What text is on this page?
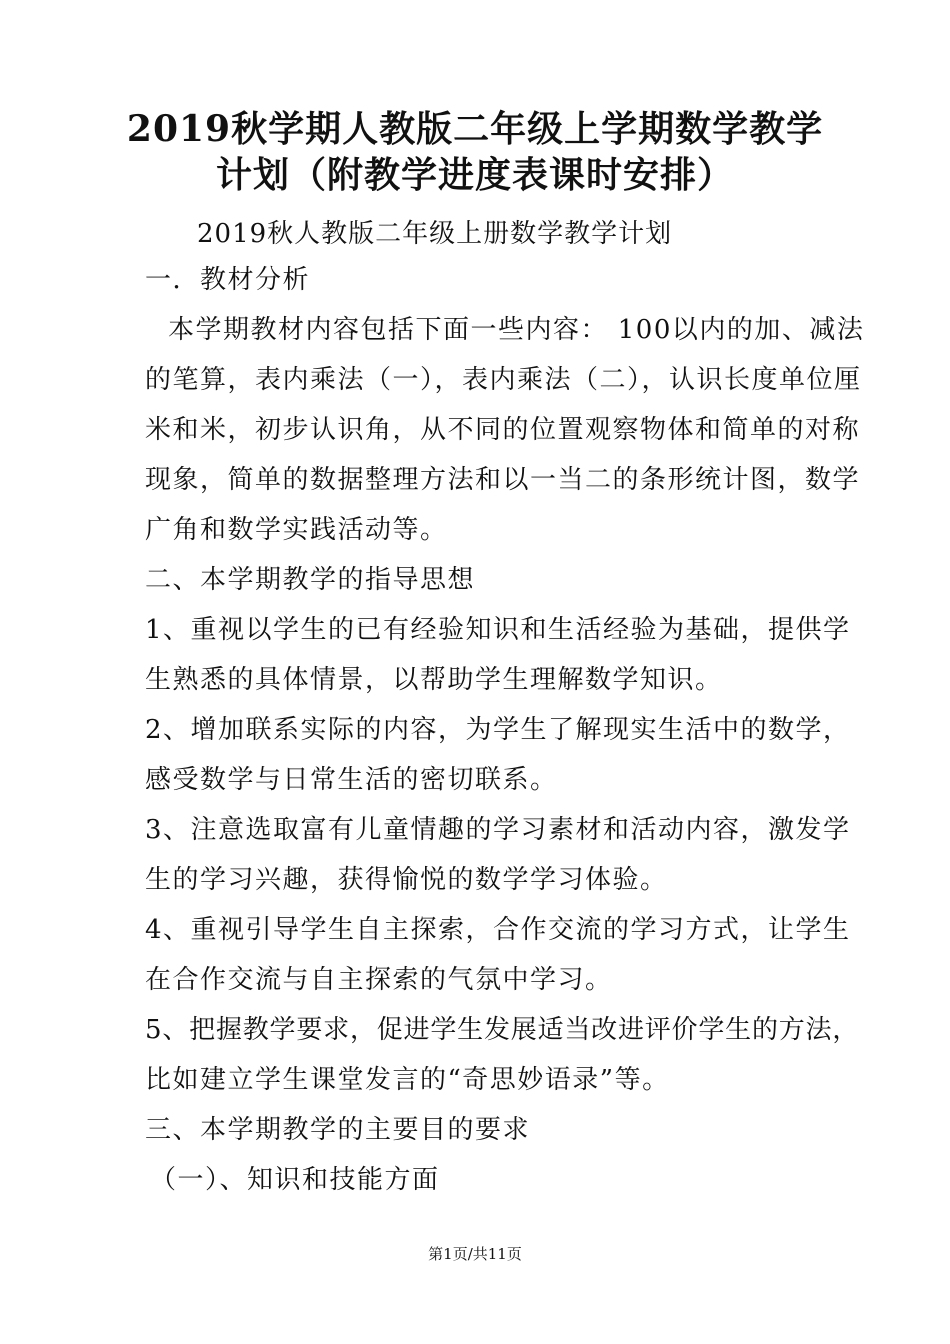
2019秋学期人教版二年级上学期数学教学
计划（附教学进度表课时安排）
2019秋人教版二年级上册数学教学计划
一．教材分析
本学期教材内容包括下面一些内容： 100以内的加、减法
的笔算，表内乘法（一），表内乘法（二），认识长度单位厘
米和米，初步认识角，从不同的位置观察物体和简单的对称
现象，简单的数据整理方法和以一当二的条形统计图，数学
广角和数学实践活动等。
二、本学期教学的指导思想
1、重视以学生的已有经验知识和生活经验为基础，提供学
生熟悉的具体情景，以帮助学生理解数学知识。
2、增加联系实际的内容，为学生了解现实生活中的数学，
感受数学与日常生活的密切联系。
3、注意选取富有儿童情趣的学习素材和活动内容，激发学
生的学习兴趣，获得愉悦的数学学习体验。
4、重视引导学生自主探索，合作交流的学习方式，让学生
在合作交流与自主探索的气氛中学习。
5、把握教学要求，促进学生发展适当改进评价学生的方法，
比如建立学生课堂发言的“奇思妙语录”等。
三、本学期教学的主要目的要求
（一）、知识和技能方面
第1页/共11页
